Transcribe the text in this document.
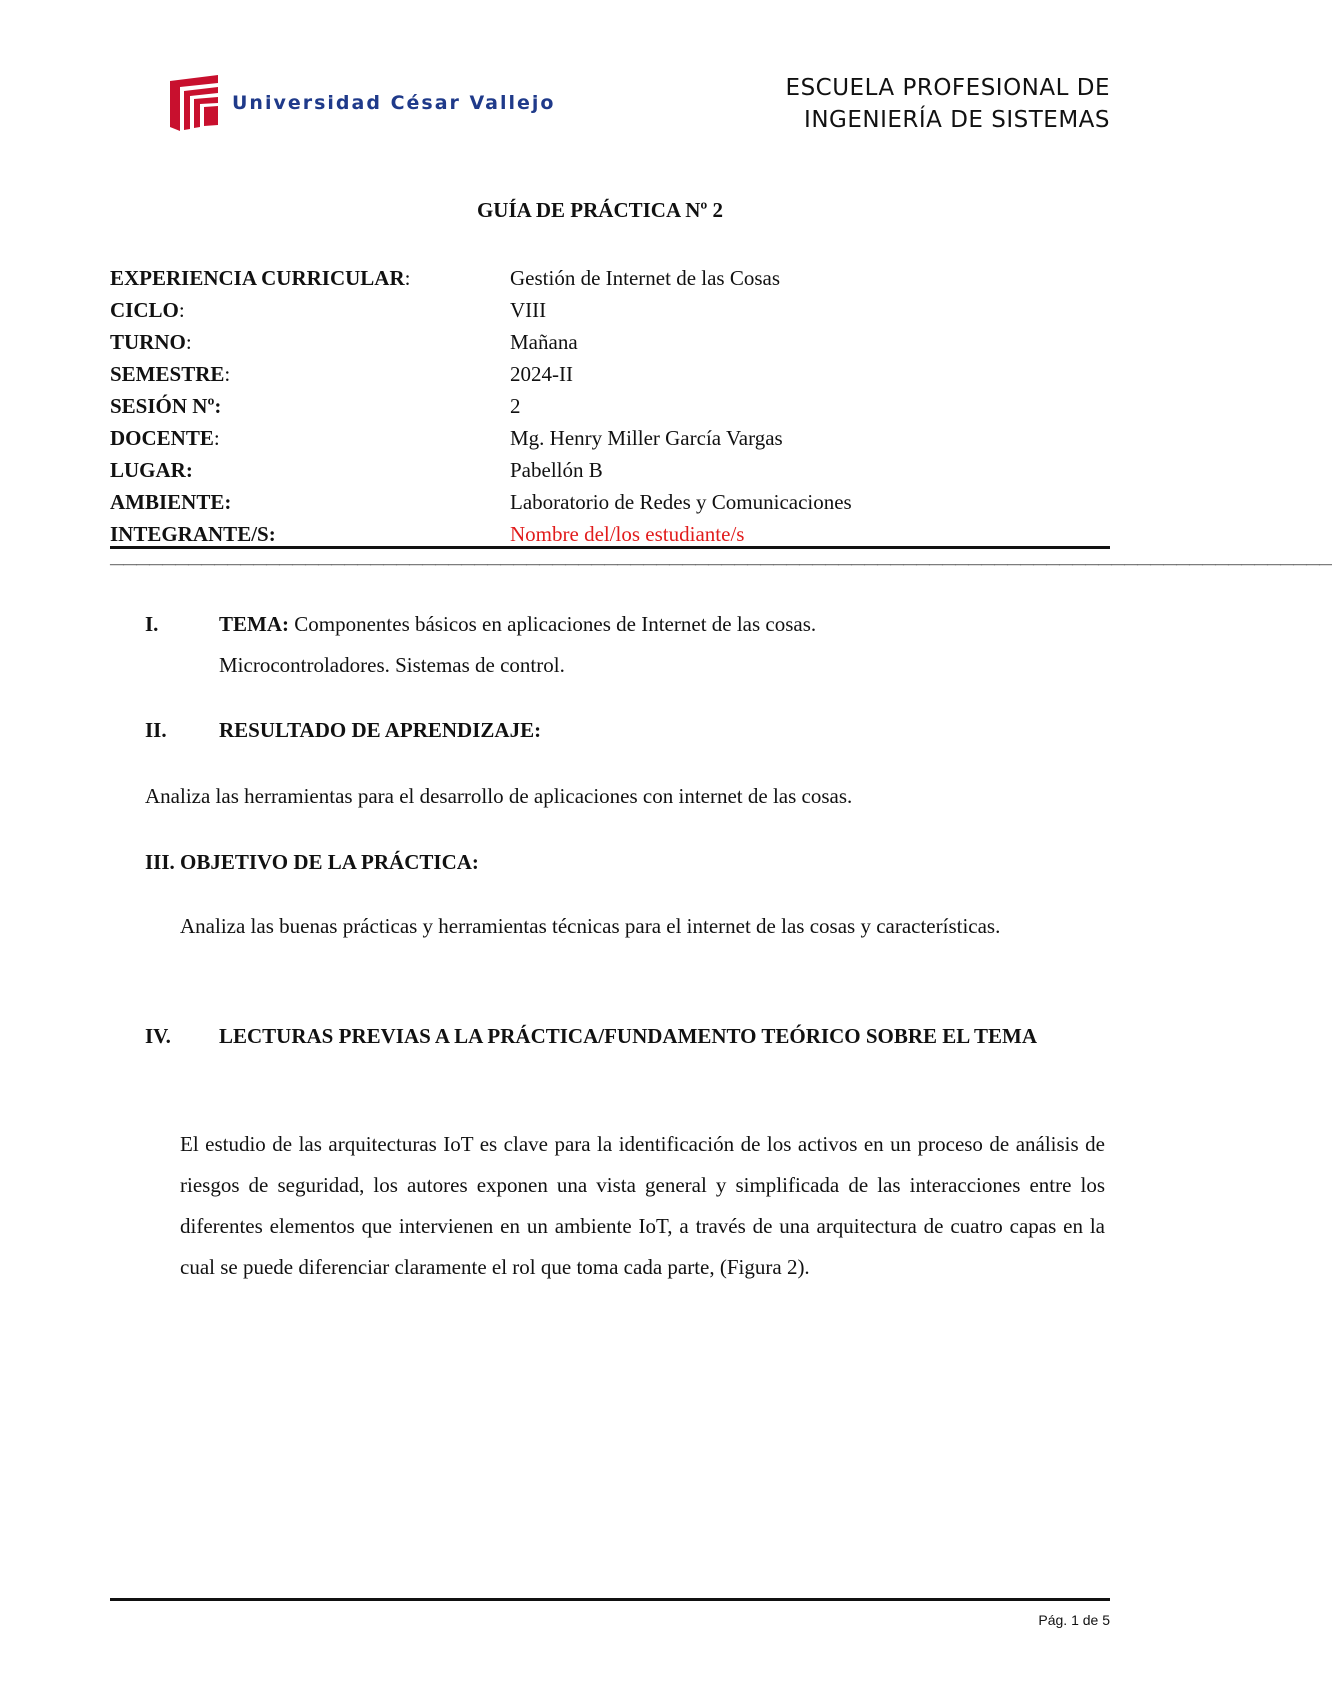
Universidad César Vallejo
ESCUELA PROFESIONAL DE
INGENIERÍA DE SISTEMAS
GUÍA DE PRÁCTICA Nº 2
EXPERIENCIA CURRICULAR:	Gestión de Internet de las Cosas
CICLO:	VIII
TURNO:	Mañana
SEMESTRE:	2024-II
SESIÓN Nº:	2
DOCENTE:	Mg. Henry Miller García Vargas
LUGAR:	Pabellón B
AMBIENTE:	Laboratorio de Redes y Comunicaciones
INTEGRANTE/S:	Nombre del/los estudiante/s
——————————————————————————————————————————————————————————————————————————————————————————————
I.	TEMA: Componentes básicos en aplicaciones de Internet de las cosas.
Microcontroladores. Sistemas de control.
II. RESULTADO DE APRENDIZAJE:
Analiza las herramientas para el desarrollo de aplicaciones con internet de las cosas.
III. OBJETIVO DE LA PRÁCTICA:
Analiza las buenas prácticas y herramientas técnicas para el internet de las cosas y características.
IV. LECTURAS PREVIAS A LA PRÁCTICA/FUNDAMENTO TEÓRICO SOBRE EL TEMA
El estudio de las arquitecturas IoT es clave para la identificación de los activos en un proceso de análisis de riesgos de seguridad, los autores exponen una vista general y simplificada de las interacciones entre los diferentes elementos que intervienen en un ambiente IoT, a través de una arquitectura de cuatro capas en la cual se puede diferenciar claramente el rol que toma cada parte, (Figura 2).
Pág. 1 de 5
